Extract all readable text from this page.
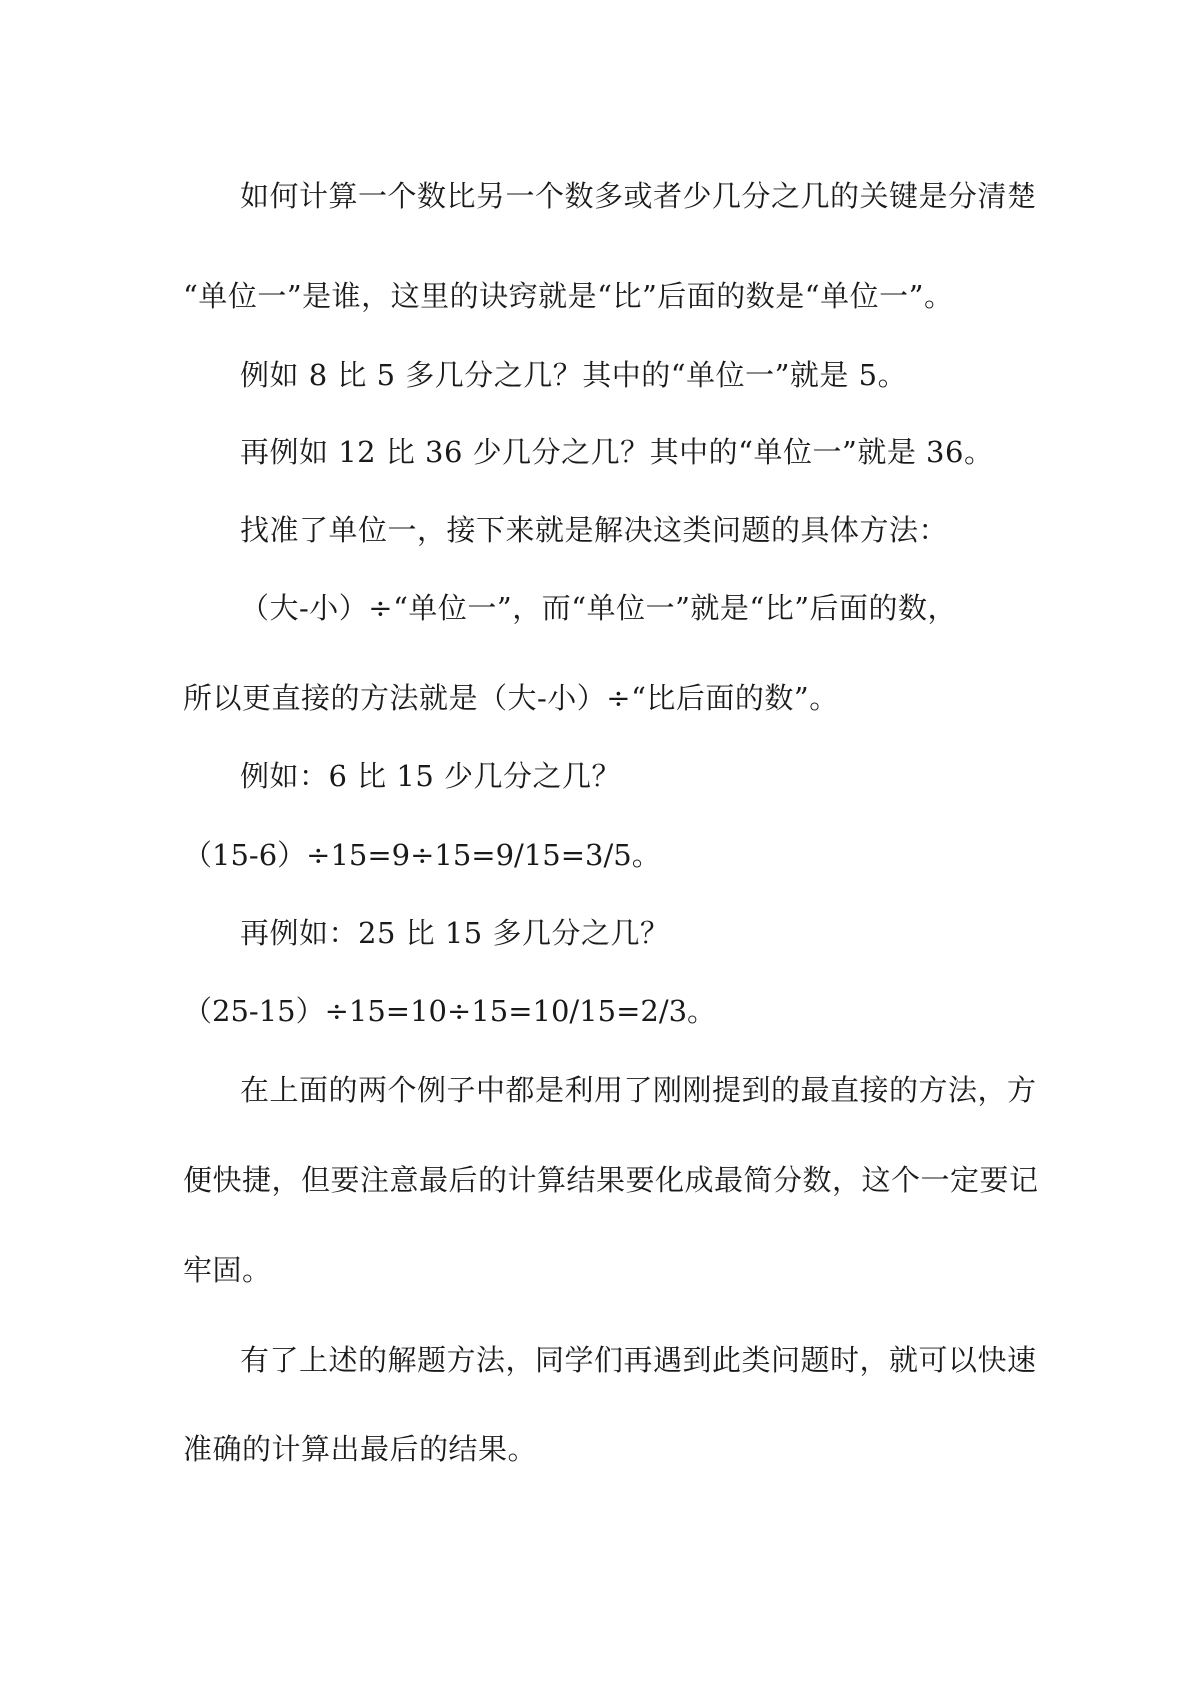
如何计算一个数比另一个数多或者少几分之几的关键是分清楚
“单位一”是谁，这里的诀窍就是“比”后面的数是“单位一”。
例如 8 比 5 多几分之几？其中的“单位一”就是 5。
再例如 12 比 36 少几分之几？其中的“单位一”就是 36。
找准了单位一，接下来就是解决这类问题的具体方法：
（大-小）÷“单位一”，而“单位一”就是“比”后面的数，
所以更直接的方法就是（大-小）÷“比后面的数”。
例如：6 比 15 少几分之几？
（15-6）÷15=9÷15=9/15=3/5。
再例如：25 比 15 多几分之几？
（25-15）÷15=10÷15=10/15=2/3。
在上面的两个例子中都是利用了刚刚提到的最直接的方法，方
便快捷，但要注意最后的计算结果要化成最简分数，这个一定要记
牢固。
有了上述的解题方法，同学们再遇到此类问题时，就可以快速
准确的计算出最后的结果。
